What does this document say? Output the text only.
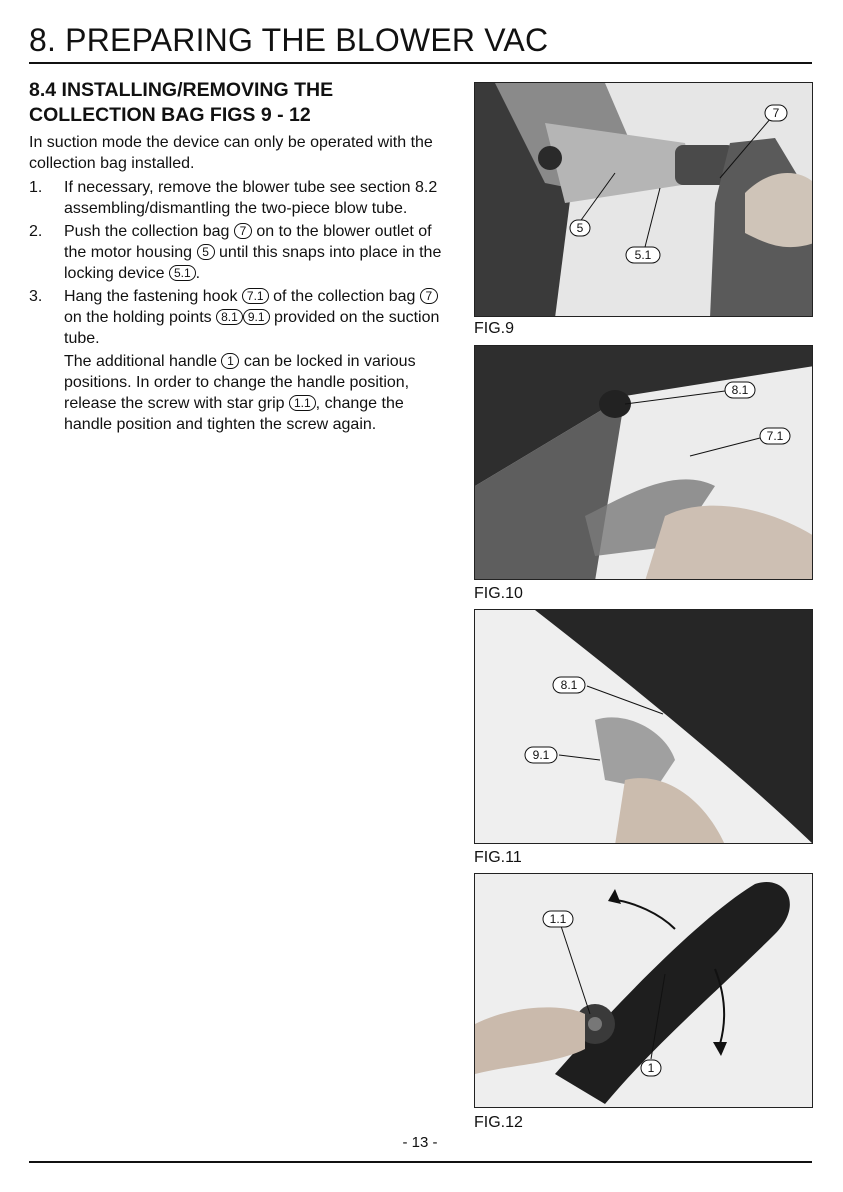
8. PREPARING THE BLOWER VAC
8.4 INSTALLING/REMOVING THE
COLLECTION BAG FIGS 9 - 12

In suction mode the device can only be operated with the collection bag installed.

1.	If necessary, remove the blower tube see section 8.2 assembling/dismantling the two-piece blow tube.
2.	Push the collection bag 7 on to the blower outlet of the motor housing 5 until this snaps into place in the locking device 5.1 .
3.	Hang the fastening hook 7.1 of the collection bag 7 on the holding points 8.1 9.1 provided on the suction tube.
The additional handle 1 can be locked in various positions. In order to change the handle position, release the screw with star grip 1.1 , change the handle position and tighten the screw again.
7
5
5.1
FIG.9
8.1
7.1
FIG.10
8.1
9.1
FIG.11
1.1
1
FIG.12
- 13 -
